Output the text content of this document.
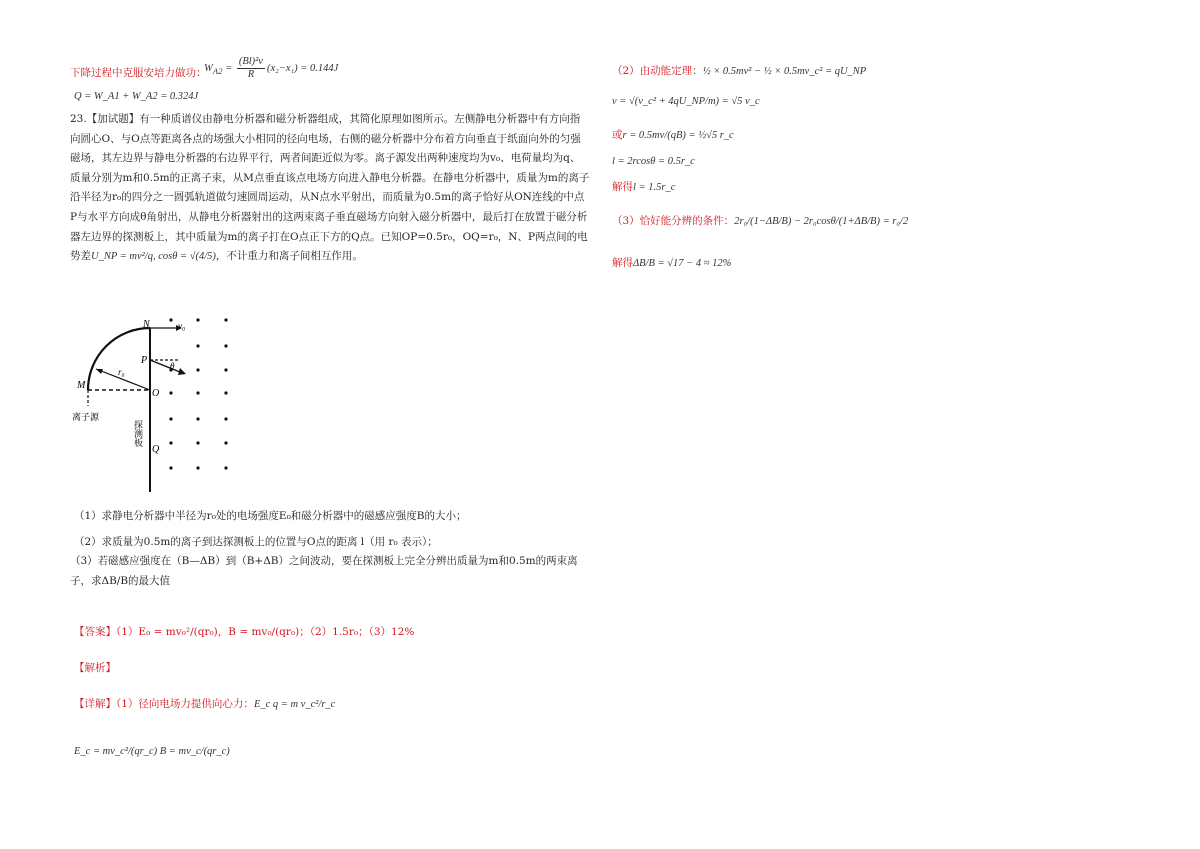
下降过程中克服安培力做功：
$W_{A2} = \frac{\text{(Bl)²v}}{R} (x_2-x_1) = 0.144J$
Q = W_A1 + W_A2 = 0.324J
23.【加试题】有一种质谱仪由静电分析器和磁分析器组成，其简化原理如图所示。左侧静电分析器中有方向指向圆心O、与O点等距离各点的场强大小相同的径向电场，右侧的磁分析器中分布着方向垂直于纸面向外的匀强磁场，其左边界与静电分析器的右边界平行，两者间距近似为零。离子源发出两种速度均为v₀、电荷量均为q、质量分别为m和0.5m的正离子束，从M点垂直该点电场方向进入静电分析器。在静电分析器中，质量为m的离子沿半径为r₀的四分之一圆弧轨道做匀速圆周运动，从N点水平射出，而质量为0.5m的离子恰好从ON连线的中点P与水平方向成θ角射出，从静电分析器射出的这两束离子垂直磁场方向射入磁分析器中，最后打在放置于磁分析器左边界的探测板上，其中质量为m的离子打在O点正下方的Q点。已知OP=0.5r₀，OQ=r₀，N、P两点间的电势差U_NP = mv²/q, cosθ = √(4/5)，不计重力和离子间相互作用。
v₀
N
P	θ
r₀
M
O
Q
离子源
探测板
（1）求静电分析器中半径为r₀处的电场强度E₀和磁分析器中的磁感应强度B的大小；
（2）求质量为0.5m的离子到达探测板上的位置与O点的距离 l（用 r₀ 表示）；
（3）若磁感应强度在（B—ΔB）到（B+ΔB）之间波动，要在探测板上完全分辨出质量为m和0.5m的两束离子，求ΔB/B的最大值
【答案】（1）E₀ = mv₀²/(qr₀)，B = mv₀/(qr₀)；（2）1.5r₀；（3）12%
【解析】
【详解】（1）径向电场力提供向心力：E_c q = m v_c²/r_c
E_c = mv_c²/(qr_c) B = mv_c/(qr_c)
（2）由动能定理：½ × 0.5mv² − ½ × 0.5mv_c² = qU_NP
v = √(v_c² + 4qU_NP/m) = √5 v_c
或r = 0.5mv/(qB) = ½√5 r_c
l = 2rcosθ = 0.5r_c
解得l = 1.5r_c
（3）恰好能分辨的条件：2r₀/(1−ΔB/B) − 2r₀cosθ/(1+ΔB/B) = r₀/2
解得ΔB/B = √17 − 4 ≈ 12%
